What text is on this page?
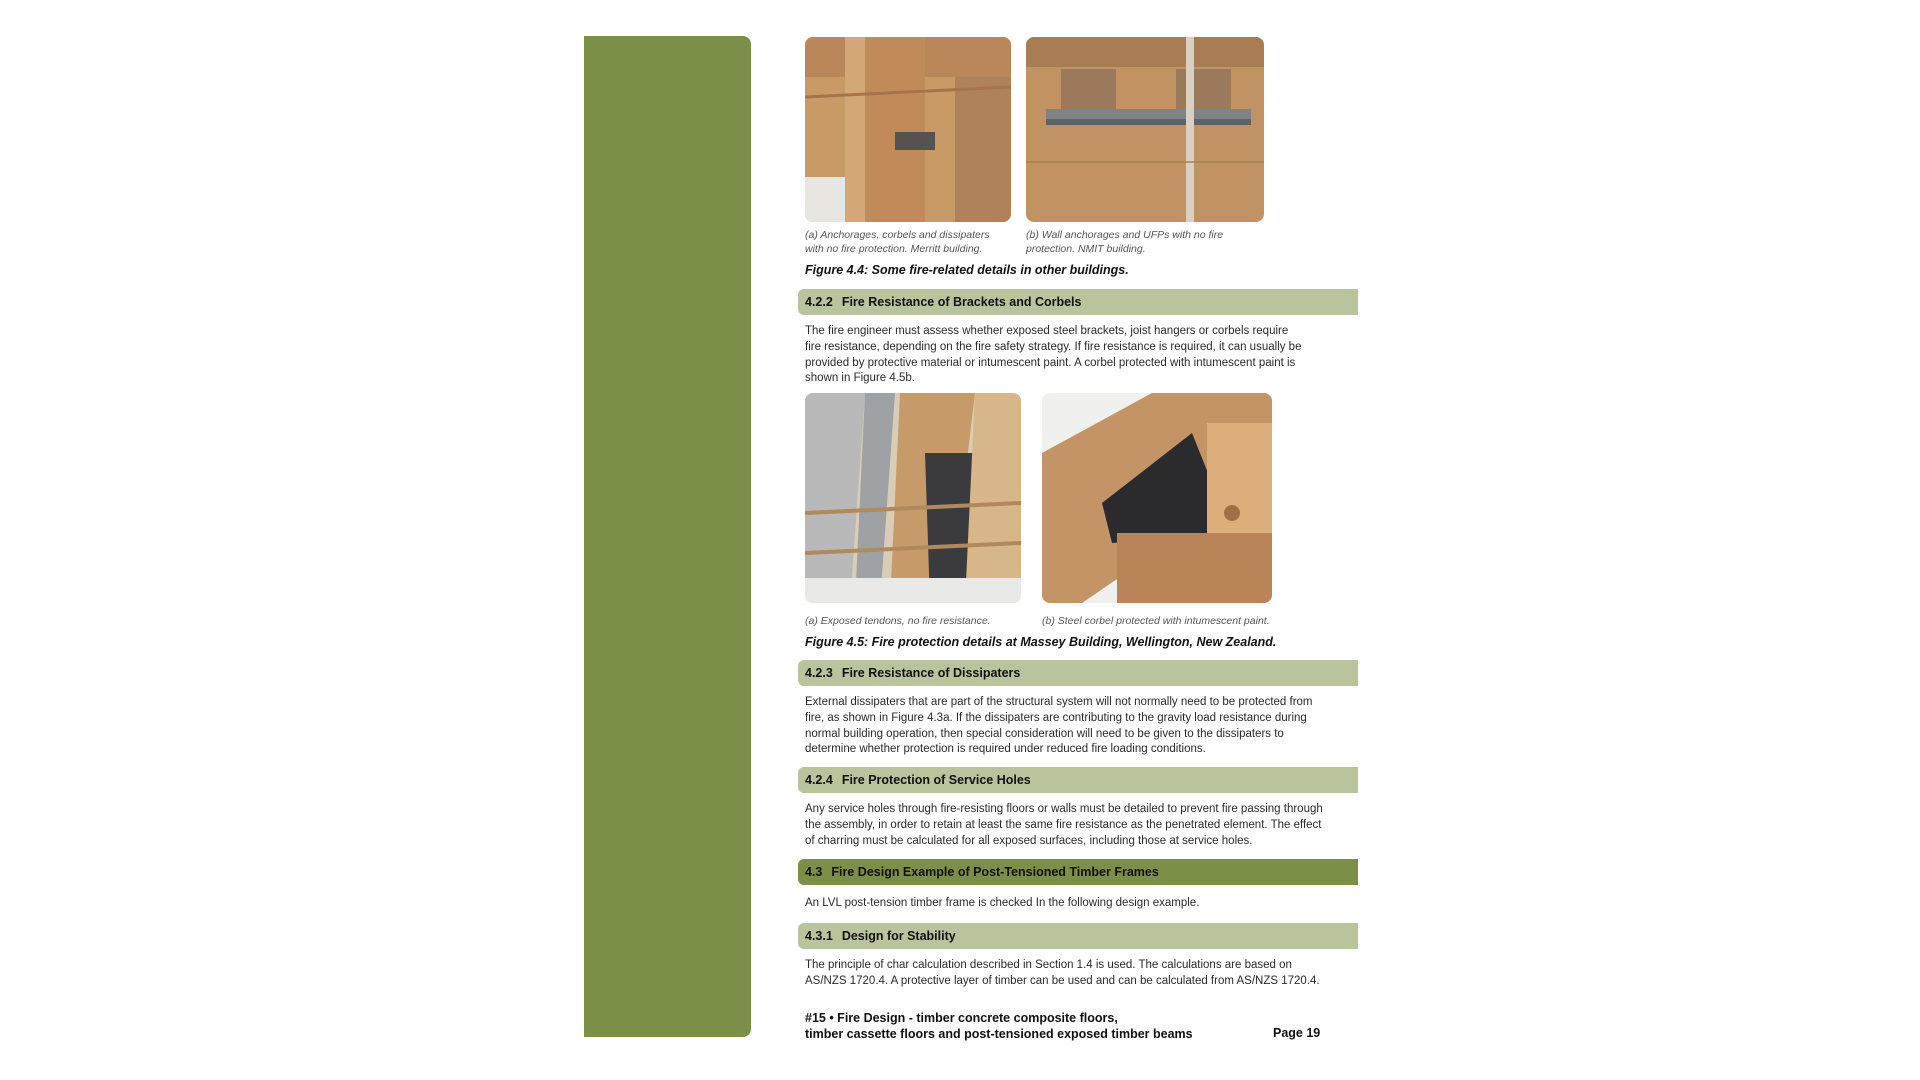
(a) Anchorages, corbels and dissipaters
with no fire protection. Merritt building.
(b) Wall anchorages and UFPs with no fire
protection. NMIT building.
Figure 4.4: Some fire-related details in other buildings.
4.2.2 Fire Resistance of Brackets and Corbels
The fire engineer must assess whether exposed steel brackets, joist hangers or corbels require
fire resistance, depending on the fire safety strategy. If fire resistance is required, it can usually be
provided by protective material or intumescent paint. A corbel protected with intumescent paint is
shown in Figure 4.5b.
(a) Exposed tendons, no fire resistance.	(b) Steel corbel protected with intumescent paint.
Figure 4.5: Fire protection details at Massey Building, Wellington, New Zealand.
4.2.3 Fire Resistance of Dissipaters
External dissipaters that are part of the structural system will not normally need to be protected from
fire, as shown in Figure 4.3a. If the dissipaters are contributing to the gravity load resistance during
normal building operation, then special consideration will need to be given to the dissipaters to
determine whether protection is required under reduced fire loading conditions.
4.2.4 Fire Protection of Service Holes
Any service holes through fire-resisting floors or walls must be detailed to prevent fire passing through
the assembly, in order to retain at least the same fire resistance as the penetrated element. The effect
of charring must be calculated for all exposed surfaces, including those at service holes.
4.3 Fire Design Example of Post-Tensioned Timber Frames
An LVL post-tension timber frame is checked In the following design example.
4.3.1 Design for Stability
The principle of char calculation described in Section 1.4 is used. The calculations are based on
AS/NZS 1720.4. A protective layer of timber can be used and can be calculated from AS/NZS 1720.4.
#15 • Fire Design - timber concrete composite floors,
timber cassette floors and post-tensioned exposed timber beams	Page 19
